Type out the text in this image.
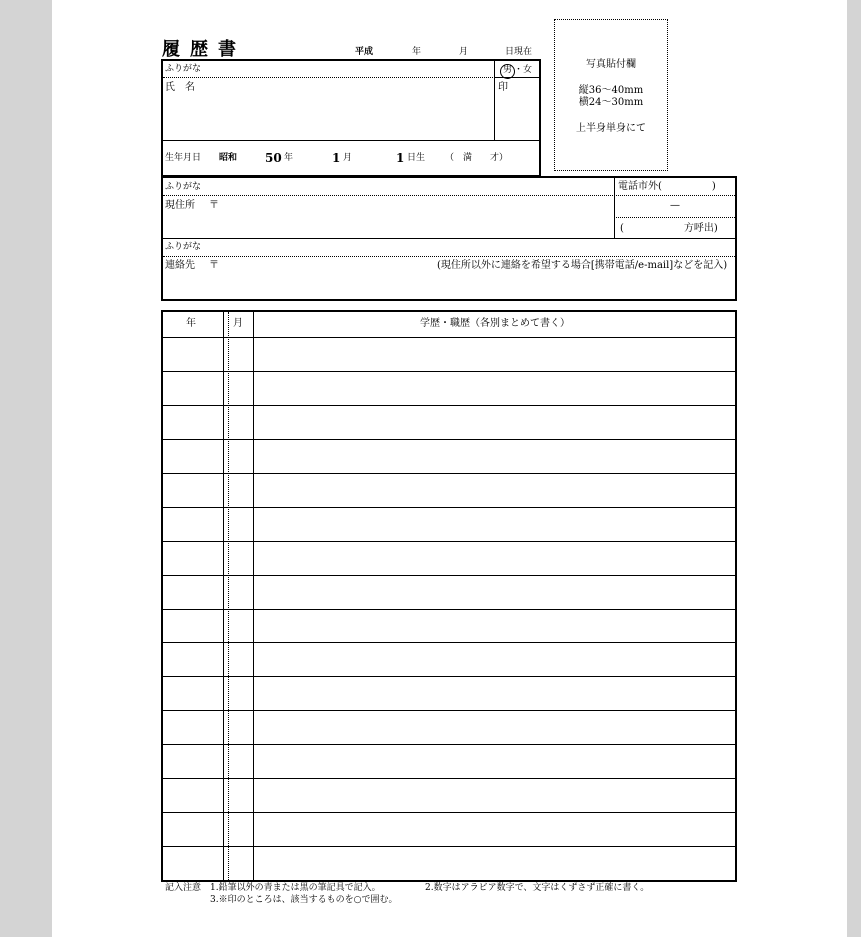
履歴書	平成	年	月	日現在
ふりがな
氏　名
男 ・女
印
生年月日 昭和 50 年	1 月	1 日生 （　満　　才）
写真貼付欄
縦36～40mm
横24～30mm
上半身単身にて
ふりがな
現住所 〒
電話市外(　　　　　)
—
(　　　　　　方呼出)
ふりがな
連絡先 〒	(現住所以外に連絡を希望する場合[携帯電話/e-mail]などを記入)
年	月	学歴・職歴（各別まとめて書く）
記入注意 1.鉛筆以外の青または黒の筆記具で記入。	2.数字はアラビア数字で、文字はくずさず正確に書く。
3.※印のところは、該当するものを○で囲む。
